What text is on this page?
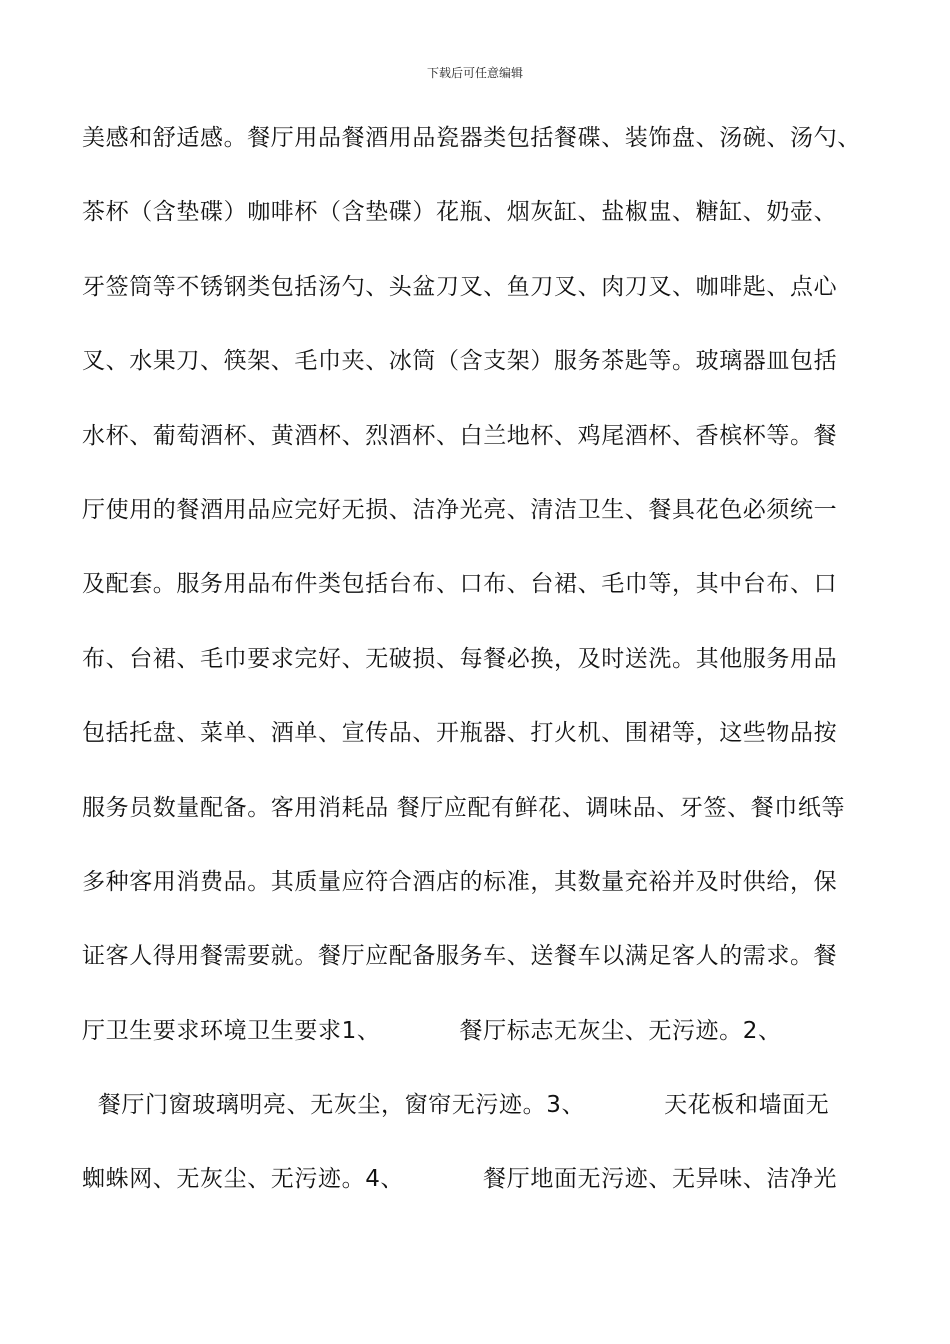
下载后可任意编辑
美感和舒适感。餐厅用品餐酒用品瓷器类包括餐碟、装饰盘、汤碗、汤勺、
茶杯（含垫碟）咖啡杯（含垫碟）花瓶、烟灰缸、盐椒盅、糖缸、奶壶、
牙签筒等不锈钢类包括汤勺、头盆刀叉、鱼刀叉、肉刀叉、咖啡匙、点心
叉、水果刀、筷架、毛巾夹、冰筒（含支架）服务茶匙等。玻璃器皿包括
水杯、葡萄酒杯、黄酒杯、烈酒杯、白兰地杯、鸡尾酒杯、香槟杯等。餐
厅使用的餐酒用品应完好无损、洁净光亮、清洁卫生、餐具花色必须统一
及配套。服务用品布件类包括台布、口布、台裙、毛巾等，其中台布、口
布、台裙、毛巾要求完好、无破损、每餐必换，及时送洗。其他服务用品
包括托盘、菜单、酒单、宣传品、开瓶器、打火机、围裙等，这些物品按
服务员数量配备。客用消耗品 餐厅应配有鲜花、调味品、牙签、餐巾纸等
多种客用消费品。其质量应符合酒店的标准，其数量充裕并及时供给，保
证客人得用餐需要就。餐厅应配备服务车、送餐车以满足客人的需求。餐
厅卫生要求环境卫生要求1、          餐厅标志无灰尘、无污迹。2、
餐厅门窗玻璃明亮、无灰尘，窗帘无污迹。3、          天花板和墙面无
蜘蛛网、无灰尘、无污迹。4、          餐厅地面无污迹、无异味、洁净光
